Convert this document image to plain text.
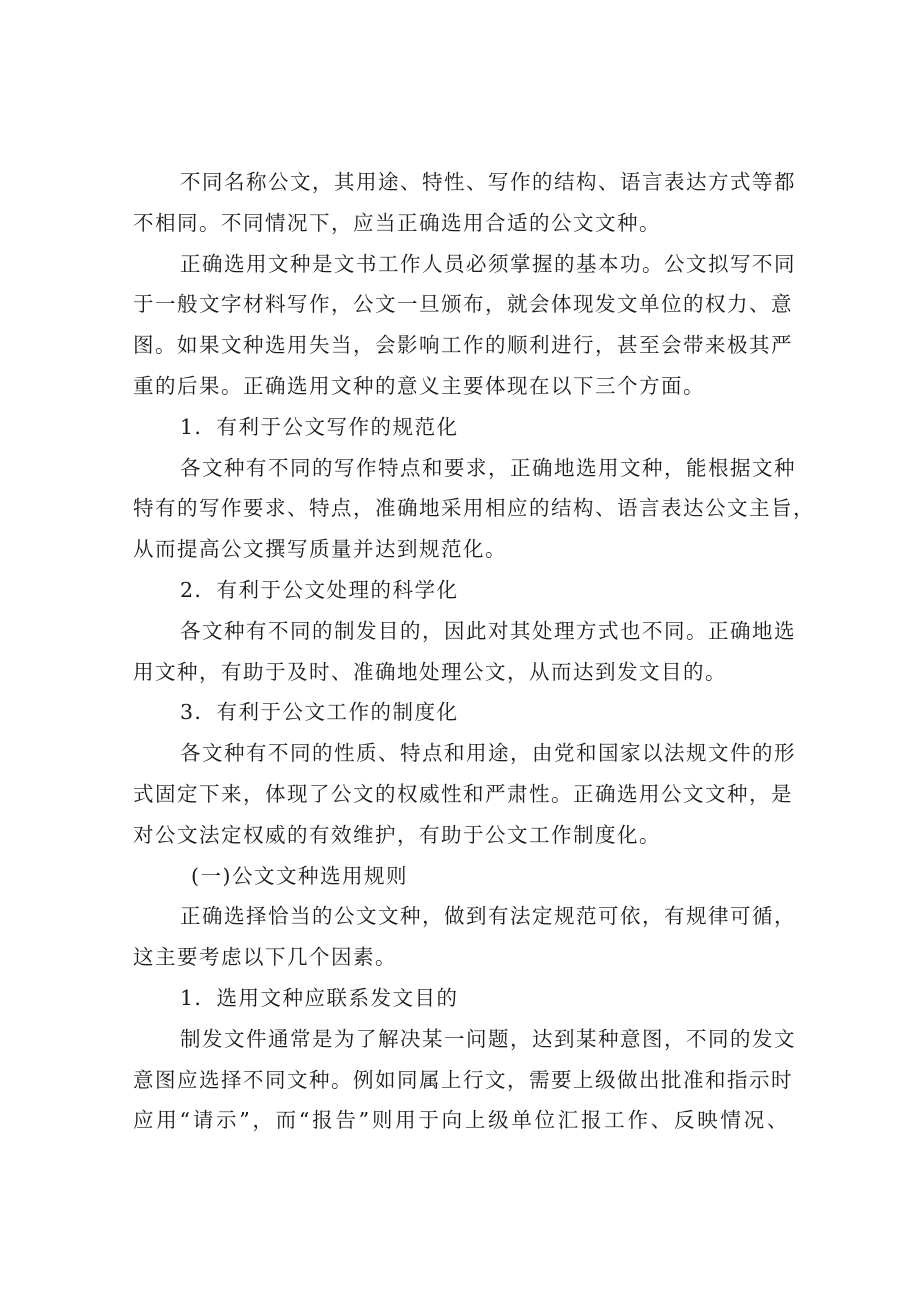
不同名称公文，其用途、特性、写作的结构、语言表达方式等都
不相同。不同情况下，应当正确选用合适的公文文种。
正确选用文种是文书工作人员必须掌握的基本功。公文拟写不同
于一般文字材料写作，公文一旦颁布，就会体现发文单位的权力、意
图。如果文种选用失当，会影响工作的顺利进行，甚至会带来极其严
重的后果。正确选用文种的意义主要体现在以下三个方面。
1．有利于公文写作的规范化
各文种有不同的写作特点和要求，正确地选用文种，能根据文种
特有的写作要求、特点，准确地采用相应的结构、语言表达公文主旨，
从而提高公文撰写质量并达到规范化。
2．有利于公文处理的科学化
各文种有不同的制发目的，因此对其处理方式也不同。正确地选
用文种，有助于及时、准确地处理公文，从而达到发文目的。
3．有利于公文工作的制度化
各文种有不同的性质、特点和用途，由党和国家以法规文件的形
式固定下来，体现了公文的权威性和严肃性。正确选用公文文种，是
对公文法定权威的有效维护，有助于公文工作制度化。
(一)公文文种选用规则
正确选择恰当的公文文种，做到有法定规范可依，有规律可循，
这主要考虑以下几个因素。
1．选用文种应联系发文目的
制发文件通常是为了解决某一问题，达到某种意图，不同的发文
意图应选择不同文种。例如同属上行文，需要上级做出批准和指示时
应用“请示”，而“报告”则用于向上级单位汇报工作、反映情况、
